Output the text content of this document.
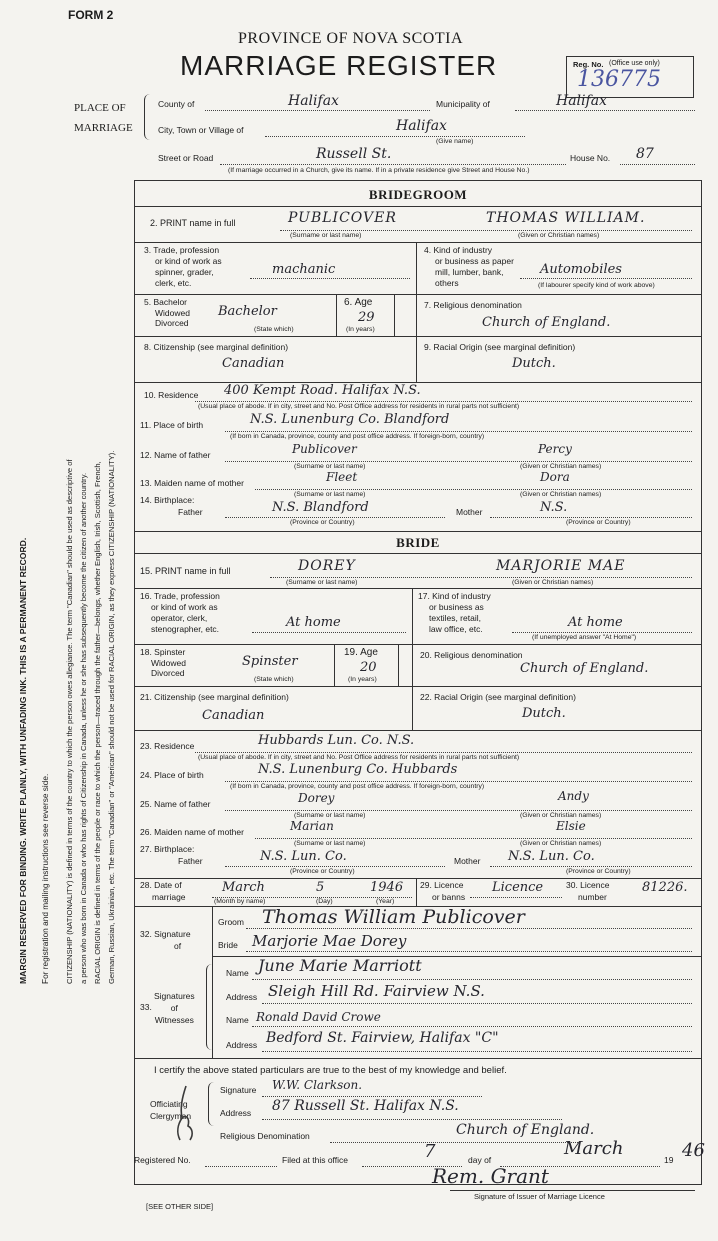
FORM 2
PROVINCE OF NOVA SCOTIA
MARRIAGE REGISTER	Reg. No. (Office use only)
136775
PLACE OF
MARRIAGE
County of	Halifax	Municipality of	Halifax
City, Town or Village of	Halifax
(Give name)
Street or Road	Russell St.	House No. 87
(If marriage occurred in a Church, give its name. If in a private residence give Street and House No.)
MARGIN RESERVED FOR BINDING. WRITE PLAINLY, WITH UNFADING INK. THIS IS A PERMANENT RECORD. For registration and mailing instructions see reverse side. CITIZENSHIP (NATIONALITY) is defined in terms of the country to which the person owes allegiance. The term "Canadian" should be used as descriptive of a person who was born in Canada or who has rights of Citizenship in Canada, unless he or she has subsequently become the citizen of another country. RACIAL ORIGIN is defined in terms of the people or race to which the person—traced through the father—belongs, whether English, Irish, Scottish, French, German, Russian, Ukrainian, etc. The term "Canadian" or "American" should not be used for RACIAL ORIGIN, as they express CITIZENSHIP (NATIONALITY).
BRIDEGROOM
2. PRINT name in full	PUBLICOVER	THOMAS WILLIAM.
(Surname or last name)	(Given or Christian names)
3. Trade, profession
or kind of work as
spinner, grader,
clerk, etc.
machanic
4. Kind of industry
or business as paper
mill, lumber, bank,
others
Automobiles
(If labourer specify kind of work above)
5. Bachelor
Widowed
Divorced
Bachelor
(State which)
6. Age
29
(In years)
7. Religious denomination
Church of England.
8. Citizenship (see marginal definition)
Canadian
9. Racial Origin (see marginal definition)
Dutch.
10. Residence 400 Kempt Road. Halifax N.S.
(Usual place of abode. If in city, street and No. Post Office address for residents in rural parts not sufficient)
11. Place of birth	N.S. Lunenburg Co. Blandford
(If born in Canada, province, county and post office address. If foreign-born, country)
12. Name of father	Publicover	Percy
(Surname or last name)	(Given or Christian names)
13. Maiden name of mother	Fleet	Dora
(Surname or last name)	(Given or Christian names)
14. Birthplace:
Father	N.S. Blandford	Mother	N.S.
(Province or Country)	(Province or Country)
BRIDE
15. PRINT name in full	DOREY	MARJORIE MAE
(Surname or last name)	(Given or Christian names)
16. Trade, profession
or kind of work as
operator, clerk,
stenographer, etc.	At home
17. Kind of industry
or business as
textiles, retail,
law office, etc.	At home
(If unemployed answer "At Home")
18. Spinster
Widowed
Divorced
Spinster
(State which)
19. Age
20
(In years)
20. Religious denomination
Church of England.
21. Citizenship (see marginal definition)
Canadian
22. Racial Origin (see marginal definition)
Dutch.
23. Residence	Hubbards Lun. Co. N.S.
(Usual place of abode. If in city, street and No. Post Office address for residents in rural parts not sufficient)
24. Place of birth	N.S. Lunenburg Co. Hubbards
(If born in Canada, province, county and post office address. If foreign-born, country)
25. Name of father	Dorey	Andy
(Surname or last name)	(Given or Christian names)
26. Maiden name of mother	Marian	Elsie
(Surname or last name)	(Given or Christian names)
27. Birthplace:
Father	N.S. Lun. Co.	Mother N.S. Lun. Co.
(Province or Country)	(Province or Country)
28. Date of
marriage
March	5	1946
(Month by name)	(Day)	(Year)
29. Licence
or banns
Licence	30. Licence
number
81226.
32. Signature
of
Groom Thomas William Publicover
Bride Marjorie Mae Dorey
Signatures
of
Witnesses
33.
Name June Marie Marriott
Address Sleigh Hill Rd. Fairview N.S.
Name Ronald David Crowe
Address Bedford St. Fairview, Halifax "C"
I certify the above stated particulars are true to the best of my knowledge and belief.
Officiating
Clergyman
Signature W.W. Clarkson.
Address 87 Russell St. Halifax N.S.
Religious Denomination	Church of England.
Registered No.	Filed at this office	7	day of
March
19 46
Rem. Grant
Signature of Issuer of Marriage Licence
[SEE OTHER SIDE]
